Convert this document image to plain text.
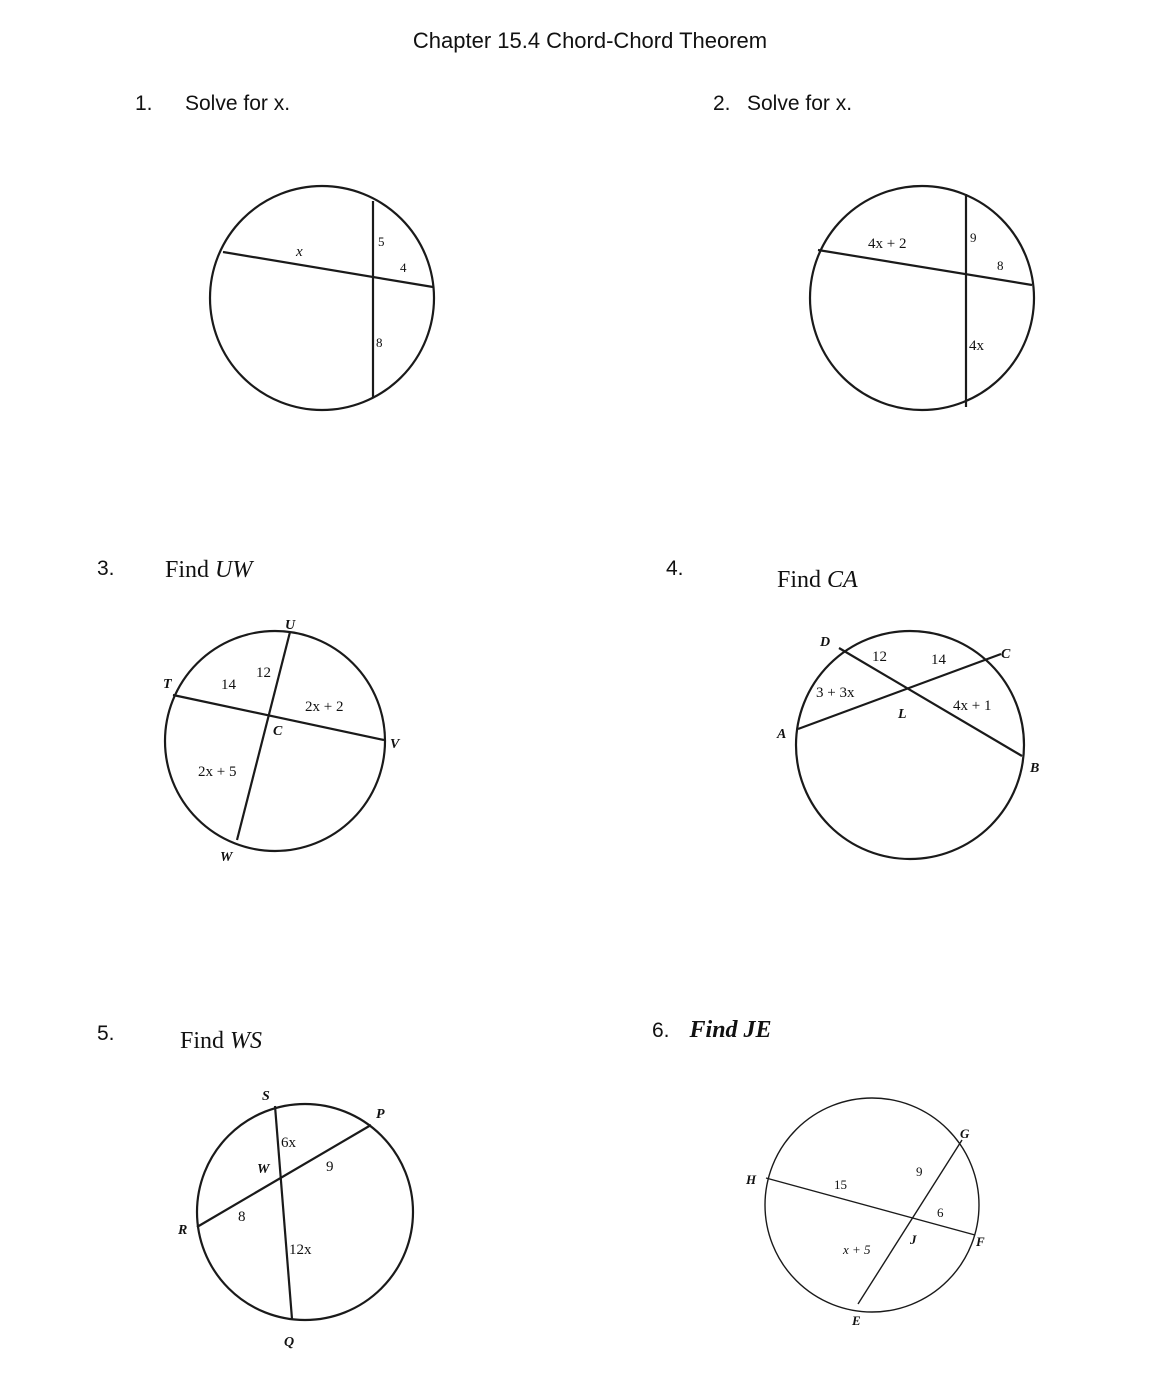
Chapter 15.4 Chord-Chord Theorem
1. Solve for x.
x
5
4
8
2. Solve for x.
4x + 2	9
8
4x
3. Find UW
U
T
V
C
W
14
12
2x + 2
2x + 5
4.	Find CA
D
C
A
B
L
12	14
3 + 3x
4x + 1
5.	Find WS
S
P
R
W
Q
6x
9
8
12x
6. Find JE
H
G
F
J
E
15
9
6
x + 5
